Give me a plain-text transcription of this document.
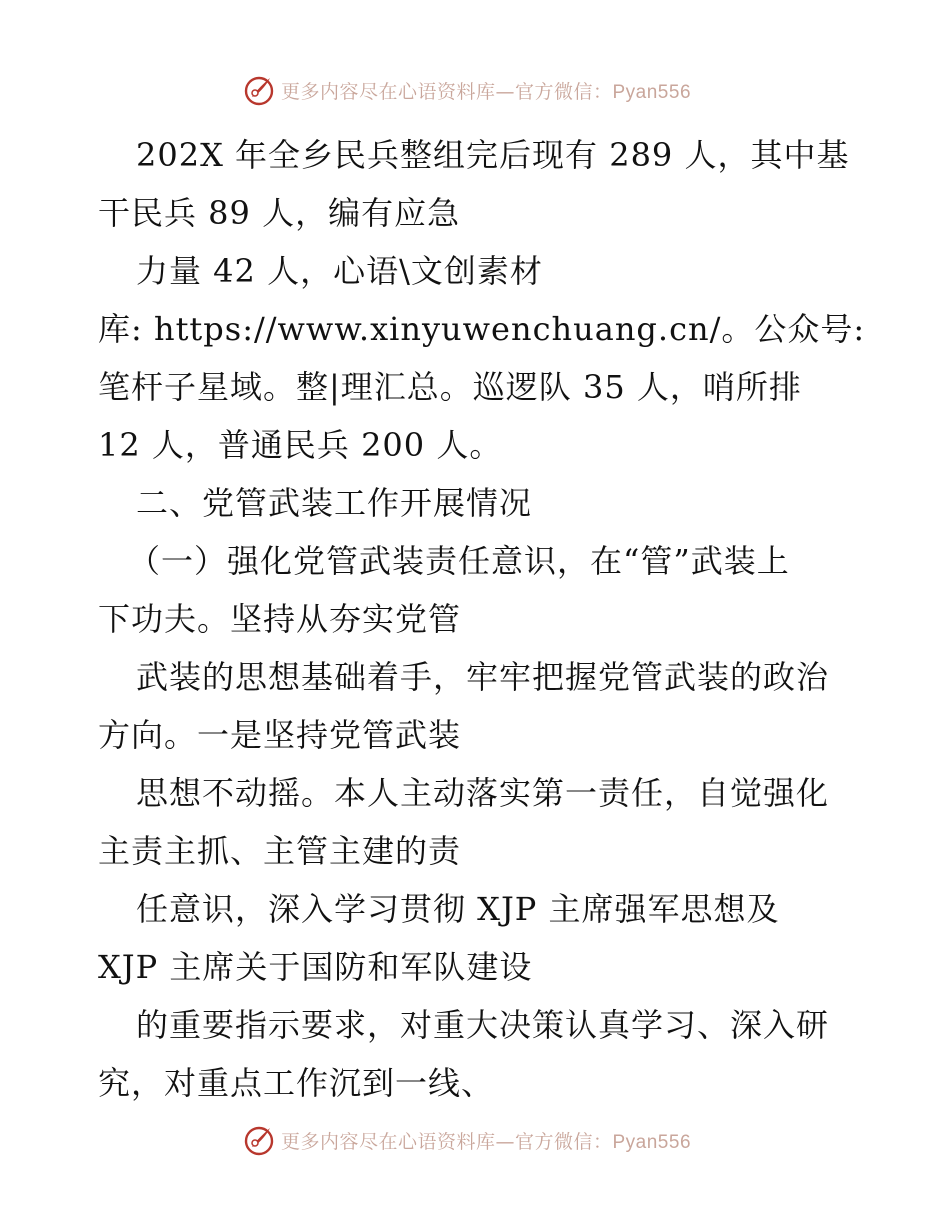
更多内容尽在心语资料库—官方微信：Pyan556
202X 年全乡民兵整组完后现有 289 人，其中基
干民兵 89 人，编有应急
力量 42 人，心语\文创素材
库: https://www.xinyuwenchuang.cn/。公众号:
笔杆子星域。整|理汇总。巡逻队 35 人，哨所排
12 人，普通民兵 200 人。
二、党管武装工作开展情况
（一）强化党管武装责任意识，在“管”武装上
下功夫。坚持从夯实党管
武装的思想基础着手，牢牢把握党管武装的政治
方向。一是坚持党管武装
思想不动摇。本人主动落实第一责任，自觉强化
主责主抓、主管主建的责
任意识，深入学习贯彻 XJP 主席强军思想及
XJP 主席关于国防和军队建设
的重要指示要求，对重大决策认真学习、深入研
究，对重点工作沉到一线、
更多内容尽在心语资料库—官方微信：Pyan556
